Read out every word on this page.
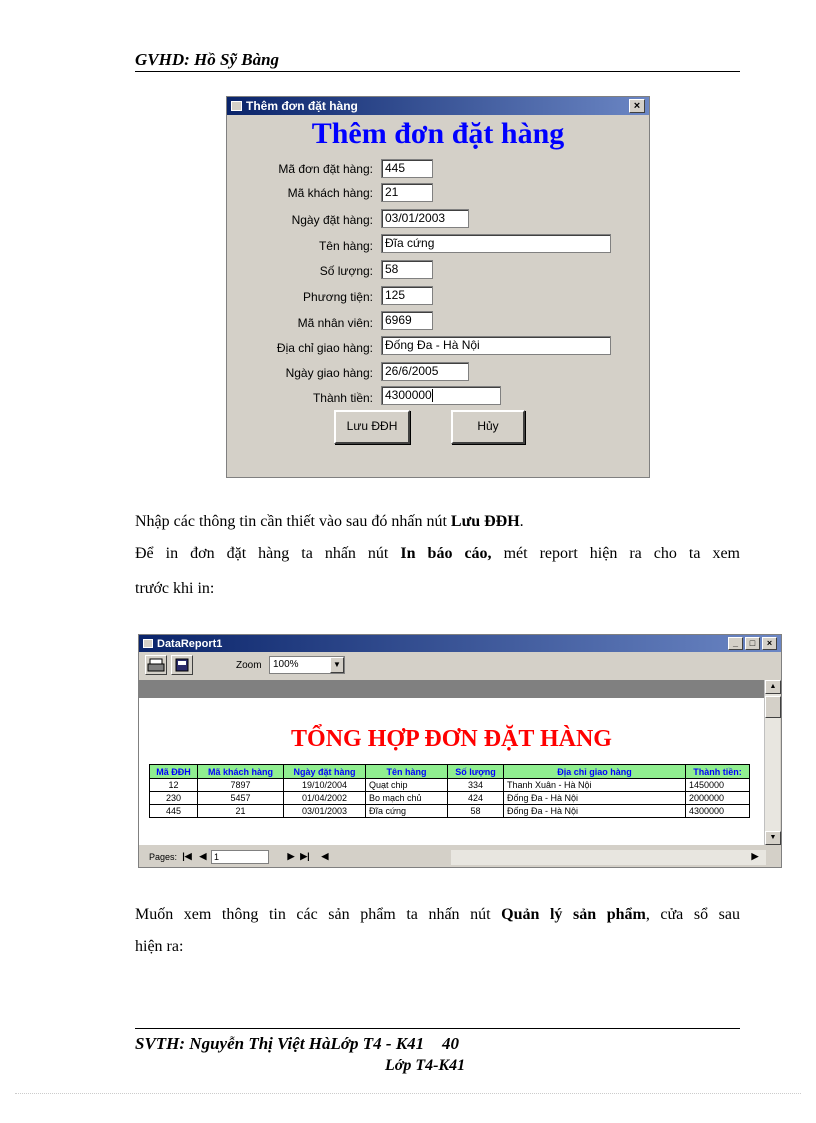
GVHD: Hồ Sỹ Bàng
Thêm đơn đặt hàng	×
Thêm đơn đặt hàng
Mã đơn đặt hàng:	445
Mã khách hàng:	21
Ngày đặt hàng:	03/01/2003
Tên hàng:	Đĩa cứng
Số lượng:	58
Phương tiện:	125
Mã nhân viên:	6969
Địa chỉ giao hàng:	Đống Đa - Hà Nội
Ngày giao hàng:	26/6/2005
Thành tiền:	4300000
Lưu ĐĐH	Hủy
Nhập các thông tin cần thiết vào sau đó nhấn nút Lưu ĐĐH.
Để in đơn đặt hàng ta nhấn nút In báo cáo, mét report hiện ra cho ta xem
trước khi in:
DataReport1	_	□	×
Zoom	100%	▼
TỔNG HỢP ĐƠN ĐẶT HÀNG
Mã ĐĐH	Mã khách hàng	Ngày đặt hàng	Tên hàng	Số lượng	Địa chỉ giao hàng	Thành tiền:
12	7897	19/10/2004	Quạt chip	334	Thanh Xuân - Hà Nội	1450000
230	5457	01/04/2002	Bo mạch chủ	424	Đống Đa - Hà Nội	2000000
445	21	03/01/2003	Đĩa cứng	58	Đống Đa - Hà Nội	4300000
▲
▼
Pages: |◀ ◀ 1	▶ ▶| ◀	▶
Muốn xem thông tin các sản phẩm ta nhấn nút Quản lý sản phẩm, cửa sổ sau
hiện ra:
SVTH: Nguyễn Thị Việt HàLớp T4 - K41 40
Lớp T4-K41
